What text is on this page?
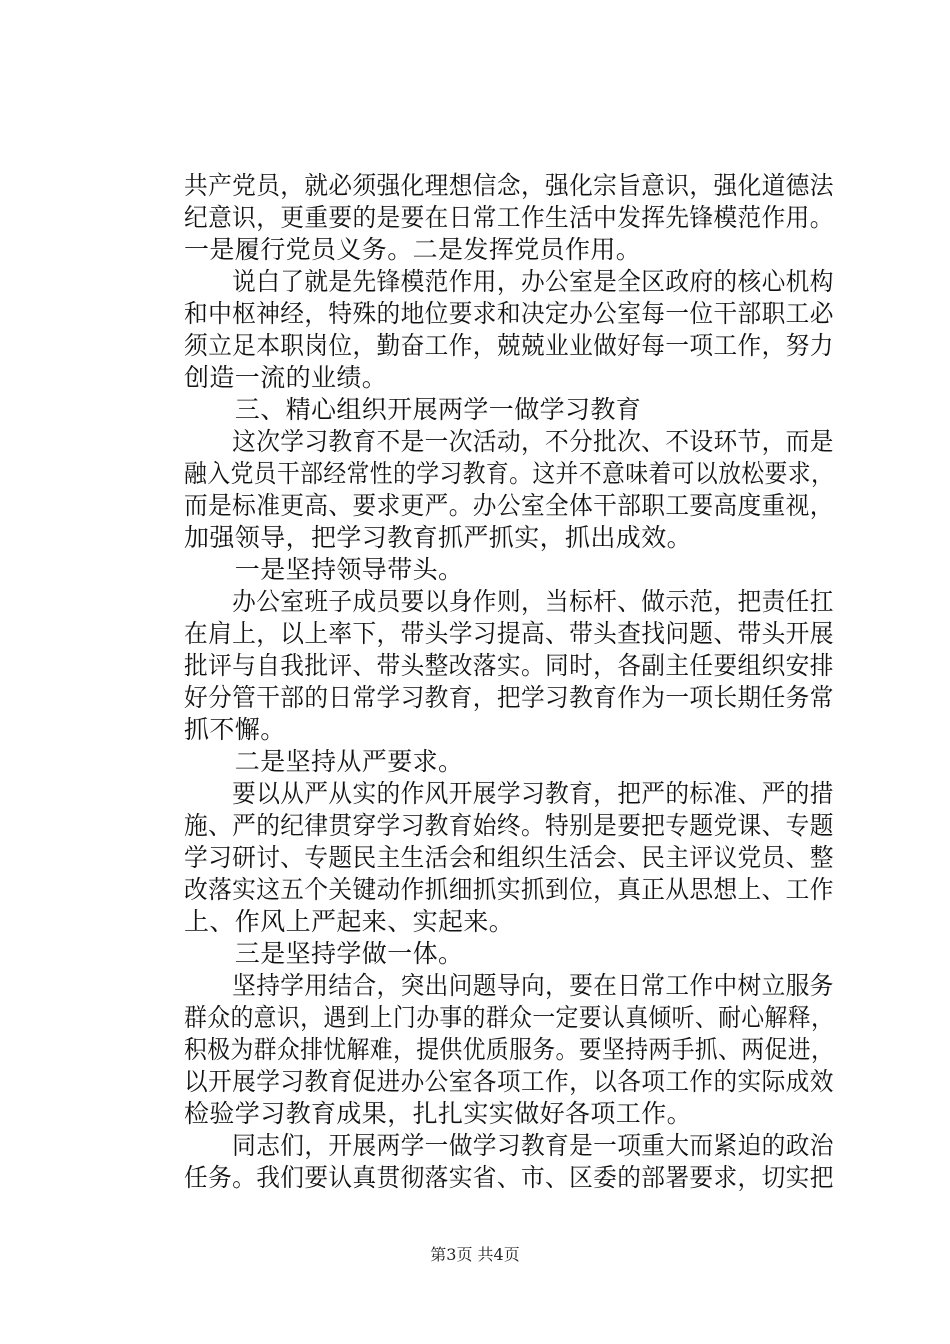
共产党员，就必须强化理想信念，强化宗旨意识，强化道德法
纪意识，更重要的是要在日常工作生活中发挥先锋模范作用。
一是履行党员义务。二是发挥党员作用。
　　说白了就是先锋模范作用，办公室是全区政府的核心机构
和中枢神经，特殊的地位要求和决定办公室每一位干部职工必
须立足本职岗位，勤奋工作，兢兢业业做好每一项工作，努力
创造一流的业绩。
　　三、精心组织开展两学一做学习教育
　　这次学习教育不是一次活动，不分批次、不设环节，而是
融入党员干部经常性的学习教育。这并不意味着可以放松要求，
而是标准更高、要求更严。办公室全体干部职工要高度重视，
加强领导，把学习教育抓严抓实，抓出成效。
　　一是坚持领导带头。
　　办公室班子成员要以身作则，当标杆、做示范，把责任扛
在肩上，以上率下，带头学习提高、带头查找问题、带头开展
批评与自我批评、带头整改落实。同时，各副主任要组织安排
好分管干部的日常学习教育，把学习教育作为一项长期任务常
抓不懈。
　　二是坚持从严要求。
　　要以从严从实的作风开展学习教育，把严的标准、严的措
施、严的纪律贯穿学习教育始终。特别是要把专题党课、专题
学习研讨、专题民主生活会和组织生活会、民主评议党员、整
改落实这五个关键动作抓细抓实抓到位，真正从思想上、工作
上、作风上严起来、实起来。
　　三是坚持学做一体。
　　坚持学用结合，突出问题导向，要在日常工作中树立服务
群众的意识，遇到上门办事的群众一定要认真倾听、耐心解释，
积极为群众排忧解难，提供优质服务。要坚持两手抓、两促进，
以开展学习教育促进办公室各项工作，以各项工作的实际成效
检验学习教育成果，扎扎实实做好各项工作。
　　同志们，开展两学一做学习教育是一项重大而紧迫的政治
任务。我们要认真贯彻落实省、市、区委的部署要求，切实把
第3页 共4页
